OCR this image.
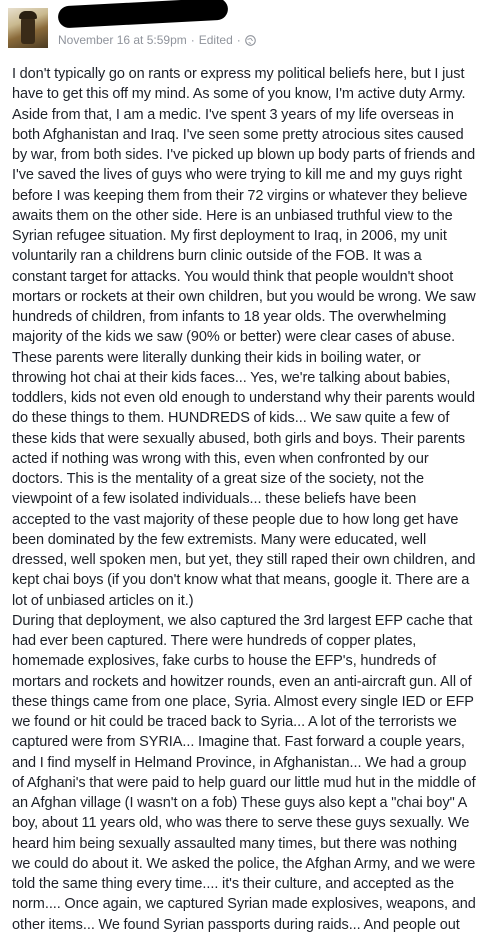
November 16 at 5:59pm · Edited ·
I don't typically go on rants or express my political beliefs here, but I just have to get this off my mind. As some of you know, I'm active duty Army. Aside from that, I am a medic. I've spent 3 years of my life overseas in both Afghanistan and Iraq. I've seen some pretty atrocious sites caused by war, from both sides. I've picked up blown up body parts of friends and I've saved the lives of guys who were trying to kill me and my guys right before I was keeping them from their 72 virgins or whatever they believe awaits them on the other side. Here is an unbiased truthful view to the Syrian refugee situation. My first deployment to Iraq, in 2006, my unit voluntarily ran a childrens burn clinic outside of the FOB. It was a constant target for attacks. You would think that people wouldn't shoot mortars or rockets at their own children, but you would be wrong. We saw hundreds of children, from infants to 18 year olds. The overwhelming majority of the kids we saw (90% or better) were clear cases of abuse. These parents were literally dunking their kids in boiling water, or throwing hot chai at their kids faces... Yes, we're talking about babies, toddlers, kids not even old enough to understand why their parents would do these things to them. HUNDREDS of kids... We saw quite a few of these kids that were sexually abused, both girls and boys. Their parents acted if nothing was wrong with this, even when confronted by our doctors. This is the mentality of a great size of the society, not the viewpoint of a few isolated individuals... these beliefs have been accepted to the vast majority of these people due to how long get have been dominated by the few extremists. Many were educated, well dressed, well spoken men, but yet, they still raped their own children, and kept chai boys (if you don't know what that means, google it. There are a lot of unbiased articles on it.)
During that deployment, we also captured the 3rd largest EFP cache that had ever been captured. There were hundreds of copper plates, homemade explosives, fake curbs to house the EFP's, hundreds of mortars and rockets and howitzer rounds, even an anti-aircraft gun. All of these things came from one place, Syria. Almost every single IED or EFP we found or hit could be traced back to Syria... A lot of the terrorists we captured were from SYRIA... Imagine that. Fast forward a couple years, and I find myself in Helmand Province, in Afghanistan... We had a group of Afghani's that were paid to help guard our little mud hut in the middle of an Afghan village (I wasn't on a fob) These guys also kept a "chai boy" A boy, about 11 years old, who was there to serve these guys sexually. We heard him being sexually assaulted many times, but there was nothing we could do about it. We asked the police, the Afghan Army, and we were told the same thing every time.... it's their culture, and accepted as the norm.... Once again, we captured Syrian made explosives, weapons, and other items... We found Syrian passports during raids... And people out
